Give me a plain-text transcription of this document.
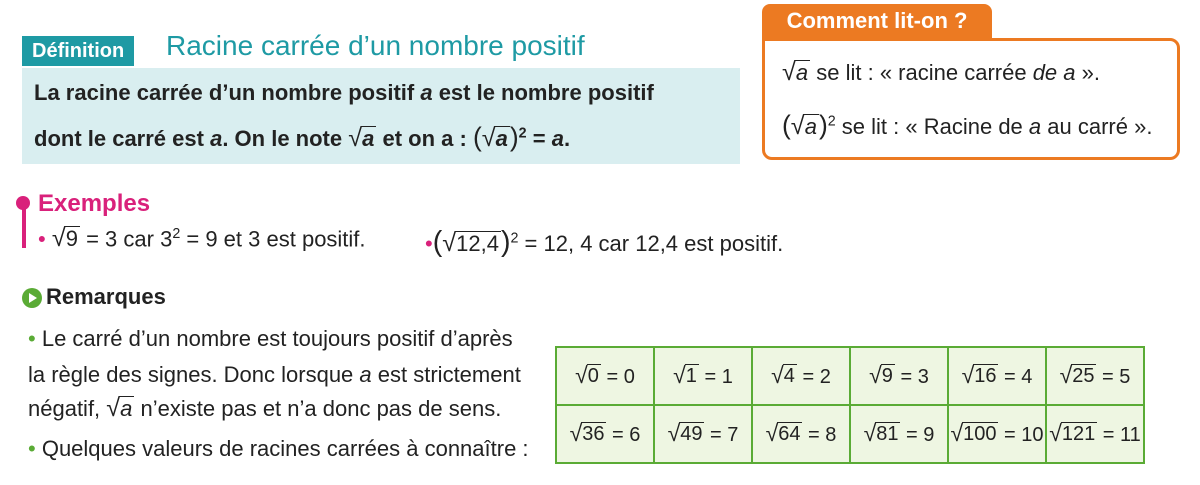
Définition	Racine carrée d’un nombre positif
La racine carrée d’un nombre positif a est le nombre positif
dont le carré est a. On le note √ a et on a : ( √ a )$^2$ = a.
Comment lit-on ?
√ a se lit : « racine carrée de a ».
( √ a )$^2$ se lit : « Racine de a au carré ».
Exemples
• √ 9 = 3 car $3^2 = 9$ et 3 est positif.	•( √ 12,4 )$^2$ = 12, 4 car 12,4 est positif.
Remarques
• Le carré d’un nombre est toujours positif d’après
la règle des signes. Donc lorsque a est strictement
négatif, √ a n’existe pas et n’a donc pas de sens.
• Quelques valeurs de racines carrées à connaître :
√ 0 = 0	√ 1 = 1	√ 4 = 2	√ 9 = 3	√ 16 = 4	√ 25 = 5

√ 36 = 6	√ 49 = 7	√ 64 = 8	√ 81 = 9	√ 100 = 10	√ 121 = 11
